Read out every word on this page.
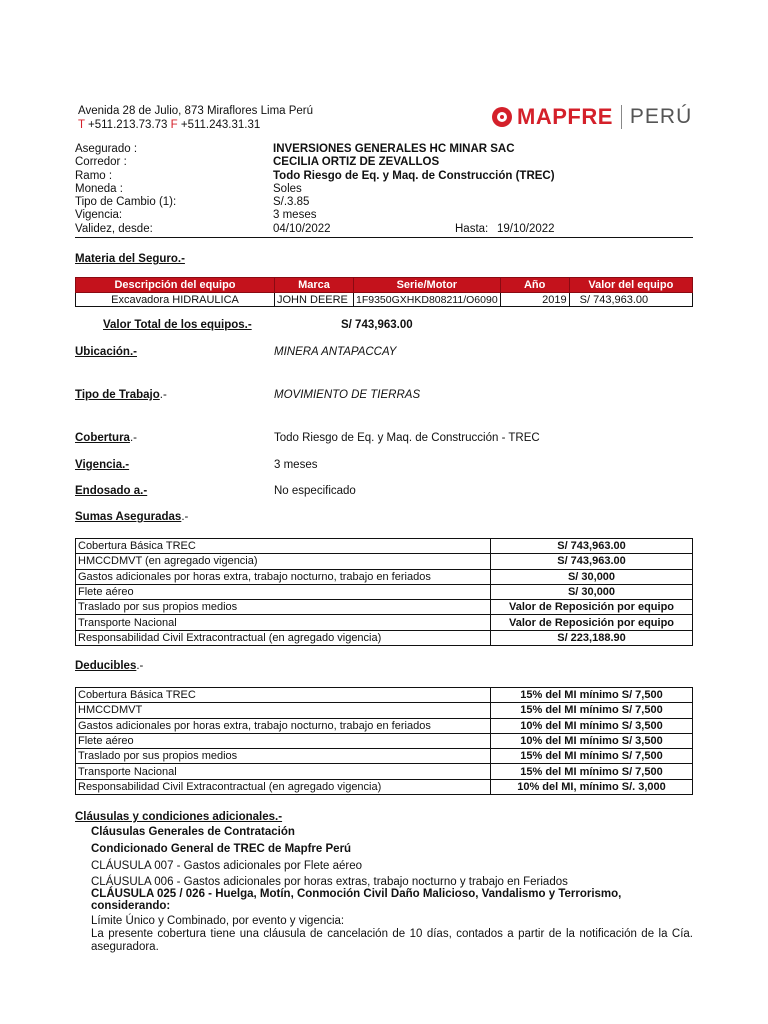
Avenida 28 de Julio, 873 Miraflores Lima Perú
T +511.213.73.73 F +511.243.31.31	MAPFRE PERÚ
Asegurado :	INVERSIONES GENERALES HC MINAR SAC
Corredor :	CECILIA ORTIZ DE ZEVALLOS
Ramo :	Todo Riesgo de Eq. y Maq. de Construcción (TREC)
Moneda :	Soles
Tipo de Cambio (1):	S/.3.85
Vigencia:	3 meses
Validez, desde:	04/10/2022	Hasta: 19/10/2022
Materia del Seguro.-
Descripción del equipo	Marca	Serie/Motor	Año	Valor del equipo
Excavadora HIDRAULICA	JOHN DEERE	1F9350GXHKD808211/O6090	2019	S/ 743,963.00
Valor Total de los equipos.-	S/ 743,963.00
Ubicación.-	MINERA ANTAPACCAY
Tipo de Trabajo.-	MOVIMIENTO DE TIERRAS
Cobertura.-	Todo Riesgo de Eq. y Maq. de Construcción - TREC
Vigencia.-	3 meses
Endosado a.-	No especificado
Sumas Aseguradas.-
Cobertura Básica TREC	S/ 743,963.00
HMCCDMVT (en agregado vigencia)	S/ 743,963.00
Gastos adicionales por horas extra, trabajo nocturno, trabajo en feriados	S/ 30,000
Flete aéreo	S/ 30,000
Traslado por sus propios medios	Valor de Reposición por equipo
Transporte Nacional	Valor de Reposición por equipo
Responsabilidad Civil Extracontractual (en agregado vigencia)	S/ 223,188.90
Deducibles.-
Cobertura Básica TREC	15% del MI mínimo S/ 7,500
HMCCDMVT	15% del MI mínimo S/ 7,500
Gastos adicionales por horas extra, trabajo nocturno, trabajo en feriados	10% del MI mínimo S/ 3,500
Flete aéreo	10% del MI mínimo S/ 3,500
Traslado por sus propios medios	15% del MI mínimo S/ 7,500
Transporte Nacional	15% del MI mínimo S/ 7,500
Responsabilidad Civil Extracontractual (en agregado vigencia)	10% del MI, mínimo S/. 3,000
Cláusulas y condiciones adicionales.-
Cláusulas Generales de Contratación
Condicionado General de TREC de Mapfre Perú
CLÁUSULA 007 - Gastos adicionales por Flete aéreo
CLÁUSULA 006 - Gastos adicionales por horas extras, trabajo nocturno y trabajo en Feriados
CLÁUSULA 025 / 026 - Huelga, Motín, Conmoción Civil Daño Malicioso, Vandalismo y Terrorismo, considerando:
Límite Único y Combinado, por evento y vigencia:
La presente cobertura tiene una cláusula de cancelación de 10 días, contados a partir de la notificación de la Cía. aseguradora.
